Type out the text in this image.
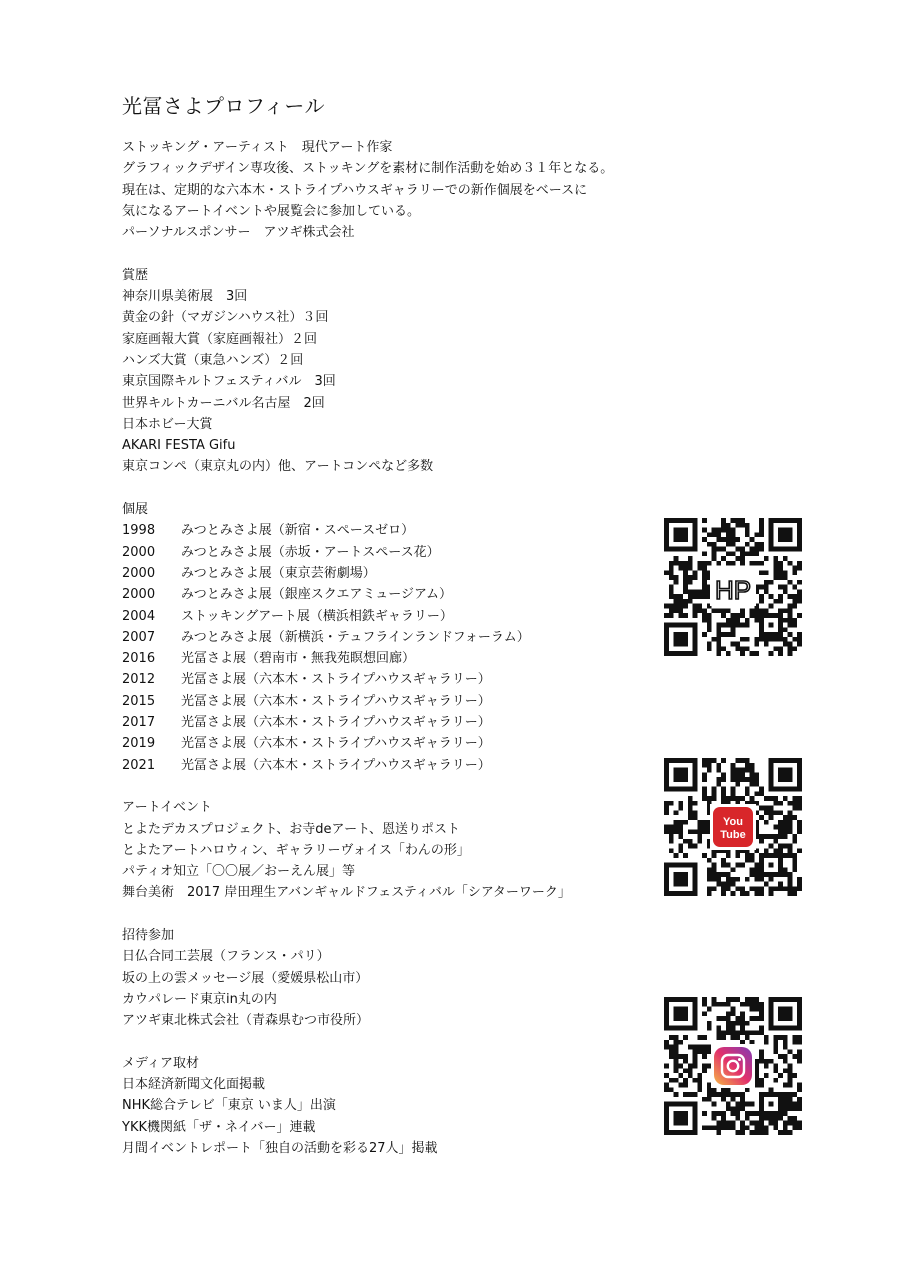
光冨さよプロフィール
ストッキング・アーティスト　現代アート作家
グラフィックデザイン専攻後、ストッキングを素材に制作活動を始め３１年となる。
現在は、定期的な六本木・ストライプハウスギャラリーでの新作個展をベースに
気になるアートイベントや展覧会に参加している。
パーソナルスポンサー　アツギ株式会社
賞歴
神奈川県美術展　3回
黄金の針（マガジンハウス社）３回
家庭画報大賞（家庭画報社）２回
ハンズ大賞（東急ハンズ）２回
東京国際キルトフェスティバル　3回
世界キルトカーニバル名古屋　2回
日本ホビー大賞
AKARI FESTA Gifu
東京コンペ（東京丸の内）他、アートコンペなど多数
個展
1998	みつとみさよ展（新宿・スペースゼロ）
2000	みつとみさよ展（赤坂・アートスペース花）
2000	みつとみさよ展（東京芸術劇場）
2000	みつとみさよ展（銀座スクエアミュージアム）
2004	ストッキングアート展（横浜相鉄ギャラリー）
2007	みつとみさよ展（新横浜・テュフラインランドフォーラム）
2016	光冨さよ展（碧南市・無我苑瞑想回廊）
2012	光冨さよ展（六本木・ストライプハウスギャラリー）
2015	光冨さよ展（六本木・ストライプハウスギャラリー）
2017	光冨さよ展（六本木・ストライプハウスギャラリー）
2019	光冨さよ展（六本木・ストライプハウスギャラリー）
2021	光冨さよ展（六本木・ストライプハウスギャラリー）
アートイベント
とよたデカスプロジェクト、お寺deアート、恩送りポスト
とよたアートハロウィン、ギャラリーヴォイス「わんの形」
パティオ知立「〇〇展／おーえん展」等
舞台美術　2017 岸田理生アバンギャルドフェスティバル「シアターワーク」
招待参加
日仏合同工芸展（フランス・パリ）
坂の上の雲メッセージ展（愛媛県松山市）
カウパレード東京in丸の内
アツギ東北株式会社（青森県むつ市役所）
メディア取材
日本経済新聞文化面掲載
NHK総合テレビ「東京 いま人」出演
YKK機関紙「ザ・ネイバー」連載
月間イベントレポート「独自の活動を彩る27人」掲載
HP
You
Tube
